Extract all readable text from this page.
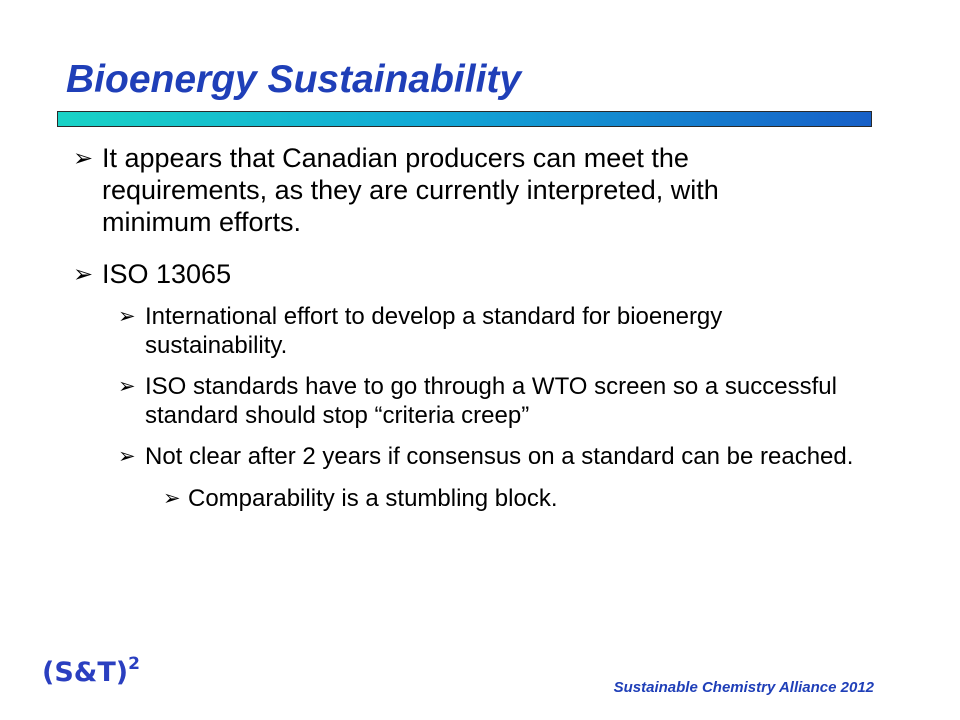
Bioenergy Sustainability
➢ It appears that Canadian producers can meet the requirements, as they are currently interpreted, with minimum efforts.
➢ ISO 13065
➢ International effort to develop a standard for bioenergy sustainability.
➢ ISO standards have to go through a WTO screen so a successful standard should stop “criteria creep”
➢ Not clear after 2 years if consensus on a standard can be reached.
➢ Comparability is a stumbling block.
(S&T)$^2$
Sustainable Chemistry Alliance 2012
